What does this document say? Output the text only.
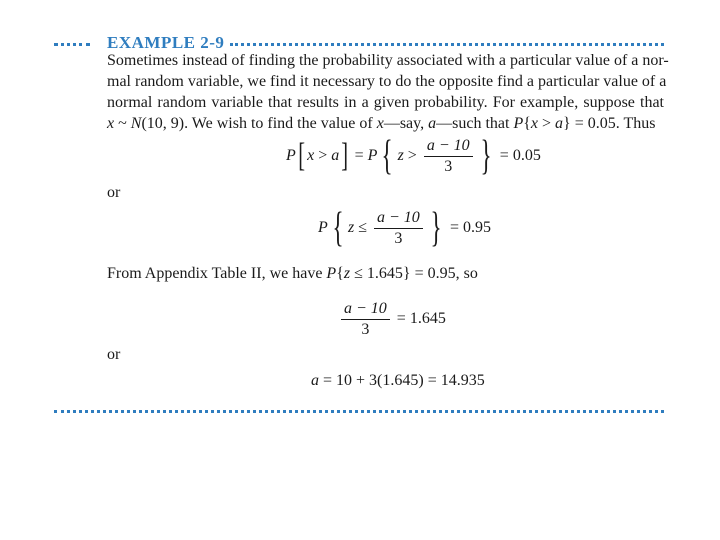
EXAMPLE 2-9
Sometimes instead of finding the probability associated with a particular value of a nor-
mal random variable, we find it necessary to do the opposite find a particular value of a
normal random variable that results in a given probability. For example, suppose that
x ~ N(10, 9). We wish to find the value of x—say, a—such that P{x > a} = 0.05. Thus
P [ x > a ] = P { $z > \frac{a - 10}{3}$ } = 0.05
or
P { $z \le \frac{a - 10}{3}$ } = 0.95
From Appendix Table II, we have P{z ≤ 1.645} = 0.95, so
$\frac{a - 10}{3} = 1.645$
or
a = 10 + 3(1.645) = 14.935
